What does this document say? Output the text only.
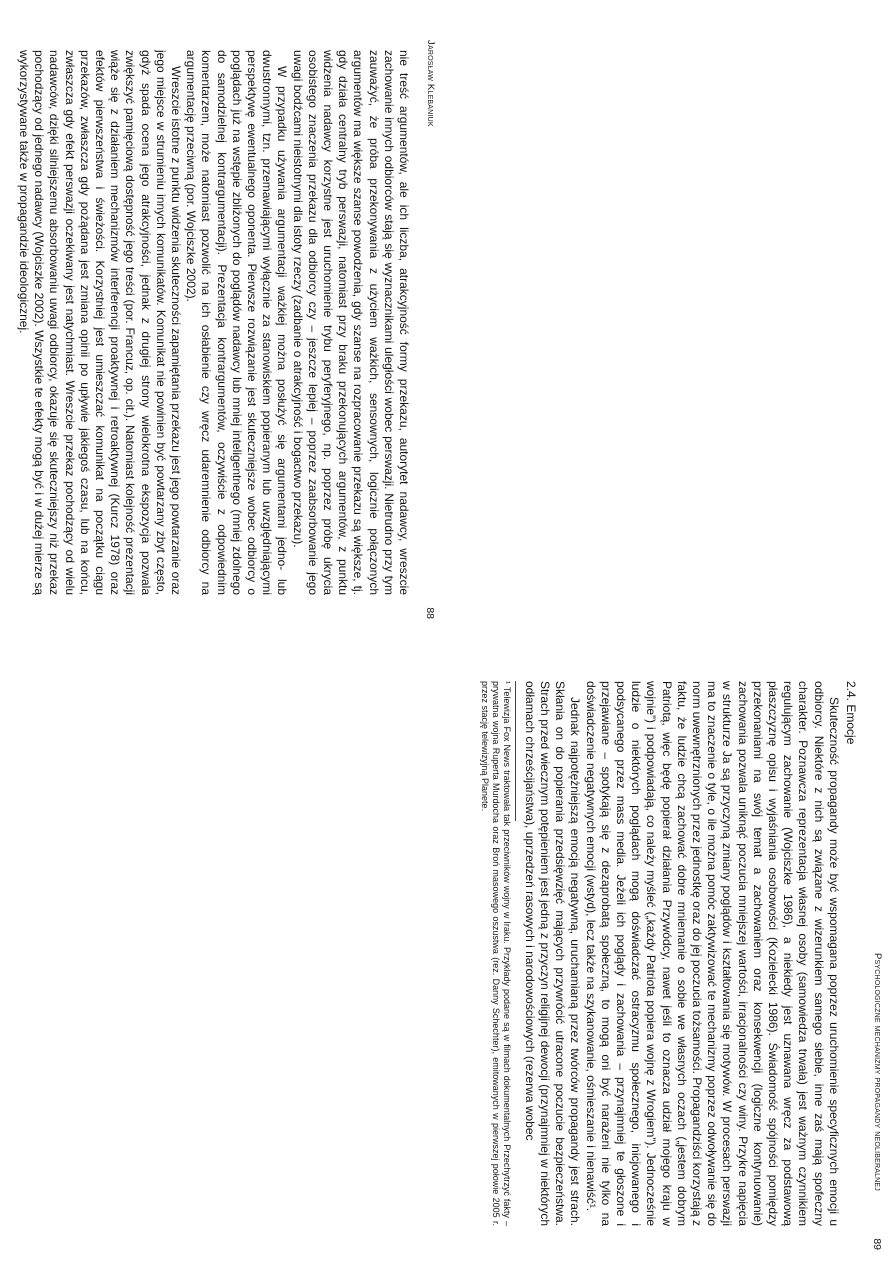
Jarosław Klebaniuk
88

nie treść argumentów, ale ich liczba, atrakcyjność formy przekazu, autorytet nadawcy, wreszcie zachowanie innych odbiorców stają się wyznacznikami uległości wobec perswazji. Nietrudno przy tym zauważyć, że próba przekonywania z użyciem ważkich, sensownych, logicznie połączonych argumentów ma większe szanse powodzenia, gdy szanse na rozpracowanie przekazu są większe, tj. gdy działa centralny tryb perswazji, natomiast przy braku przekonujących argumentów, z punktu widzenia nadawcy korzystne jest uruchomienie trybu peryferyjnego, np. poprzez próbę ukrycia osobistego znaczenia przekazu dla odbiorcy czy – jeszcze lepiej – poprzez zaabsorbowanie jego uwagi bodźcami nieistotnymi dla istoty rzeczy (zadbanie o atrakcyjność i bogactwo przekazu).

W przypadku używania argumentacji ważkiej można posłużyć się argumentami jedno- lub dwustronnymi, tzn. przemawiającymi wyłącznie za stanowiskiem popieranym lub uwzględniającymi perspektywę ewentualnego oponenta. Pierwsze rozwiązanie jest skuteczniejsze wobec odbiorcy o poglądach już na wstępie zbliżonych do poglądów nadawcy lub mniej inteligentnego (mniej zdolnego do samodzielnej kontrargumentacji). Prezentacja kontrargumentów, oczywiście z odpowiednim komentarzem, może natomiast pozwolić na ich osłabienie czy wręcz udaremnienie odbiorcy na argumentację przeciwną (por. Wojciszke 2002).

Wreszcie istotne z punktu widzenia skuteczności zapamiętania przekazu jest jego powtarzanie oraz jego miejsce w strumieniu innych komunikatów. Komunikat nie powinien być powtarzany zbyt często, gdyż spada ocena jego atrakcyjności, jednak z drugiej strony wielokrotna ekspozycja pozwala zwiększyć pamięciową dostępność jego treści (por. Francuz, op. cit.). Natomiast kolejność prezentacji wiąże się z działaniem mechanizmów interferencji proaktywnej i retroaktywnej (Kurcz 1978) oraz efektów pierwszeństwa i świeżości. Korzystniej jest umieszczać komunikat na początku ciągu przekazów, zwłaszcza gdy pożądana jest zmiana opinii po upływie jakiegoś czasu, lub na końcu, zwłaszcza gdy efekt perswazji oczekiwany jest natychmiast. Wreszcie przekaz pochodzący od wielu nadawców, dzięki silniejszemu absorbowaniu uwagi odbiorcy, okazuje się skuteczniejszy niż przekaz pochodzący od jednego nadawcy (Wojciszke 2002). Wszystkie te efekty mogą być i w dużej mierze są wykorzystywane także w propagandzie ideologicznej.

Psychologiczne mechanizmy propagandy neoliberalnej
89
2.4. Emocje

Skuteczność propagandy może być wspomagana poprzez uruchomienie specyficznych emocji u odbiorcy. Niektóre z nich są związane z wizerunkiem samego siebie, inne zaś mają spofeczny charakter. Poznawcza reprezentacja własnej osoby (samowiedza trwała) jest ważnym czynnikiem regulującym zachowanie (Wojciszke 1986), a niekiedy jest uznawana wręcz za podstawową płaszczyznę opisu i wyjaśniania osobowości (Kozielecki 1986). Świadomość spójności pomiędzy przekonaniami na swój temat a zachowaniem oraz konsekwencji (logiczne kontynuowanie) zachowania pozwala uniknąć poczucia mniejszej wartości, irracjonalności czy winy. Przykre napięcia w strukturze Ja są przyczyną zmiany poglądów i kształtowania się motywów. W procesach perswazji ma to znaczenie o tyle, o ile można pomóc zaktywizować te mechanizmy poprzez odwoływanie się do norm uwewnętrznionych przez jednostkę oraz do jej poczucia tożsamości. Propagandziści korzystają z faktu, że ludzie chcą zachować dobre mniemanie o sobie we własnych oczach („jestem dobrym Patriotą, więc będę popierał działania Przywódcy, nawet jeśli to oznacza udział mojego kraju w wojnie”) i podpowiadają, co należy myśleć („każdy Patriota popiera wojnę z Wrogiem”). Jednocześnie ludzie o niektórych poglądach mogą doświadczać ostracyzmu społecznego, inicjowanego i podsycanego przez mass media. Jeżeli ich poglądy i zachowania – przynajmniej te głoszone i przejawiane – spotykają się z dezaprobatą społeczną, to mogą oni być narażeni nie tylko na doświadczenie negatywnych emocji (wstyd), lecz także na szykanowanie, ośmieszanie i nienawiść¹.

Jednak najpotężniejszą emocją negatywną, uruchamianą przez twórców propagandy jest strach. Skłania on do popierania przedsięwzięć mających przywrócić utracone poczucie bezpieczeństwa. Strach przed wiecznym potępieniem jest jedną z przyczyn religijnej dewocji (przynajmniej w niektórych odłamach chrześcijaństwa), uprzedzeń rasowych i narodowościowych (rezerwa wobec

¹ Telewizja Fox News traktowała tak przeciwników wojny w Iraku. Przykłady podane są w filmach dokumentalnych Przechytrzyć fakty – prywatna wojna Ruperta Murdocha oraz Broń masowego oszustwa (rez. Danny Schechter), emitowanych w pierwszej połowie 2005 r. przez stację telewizyjną Planete.
